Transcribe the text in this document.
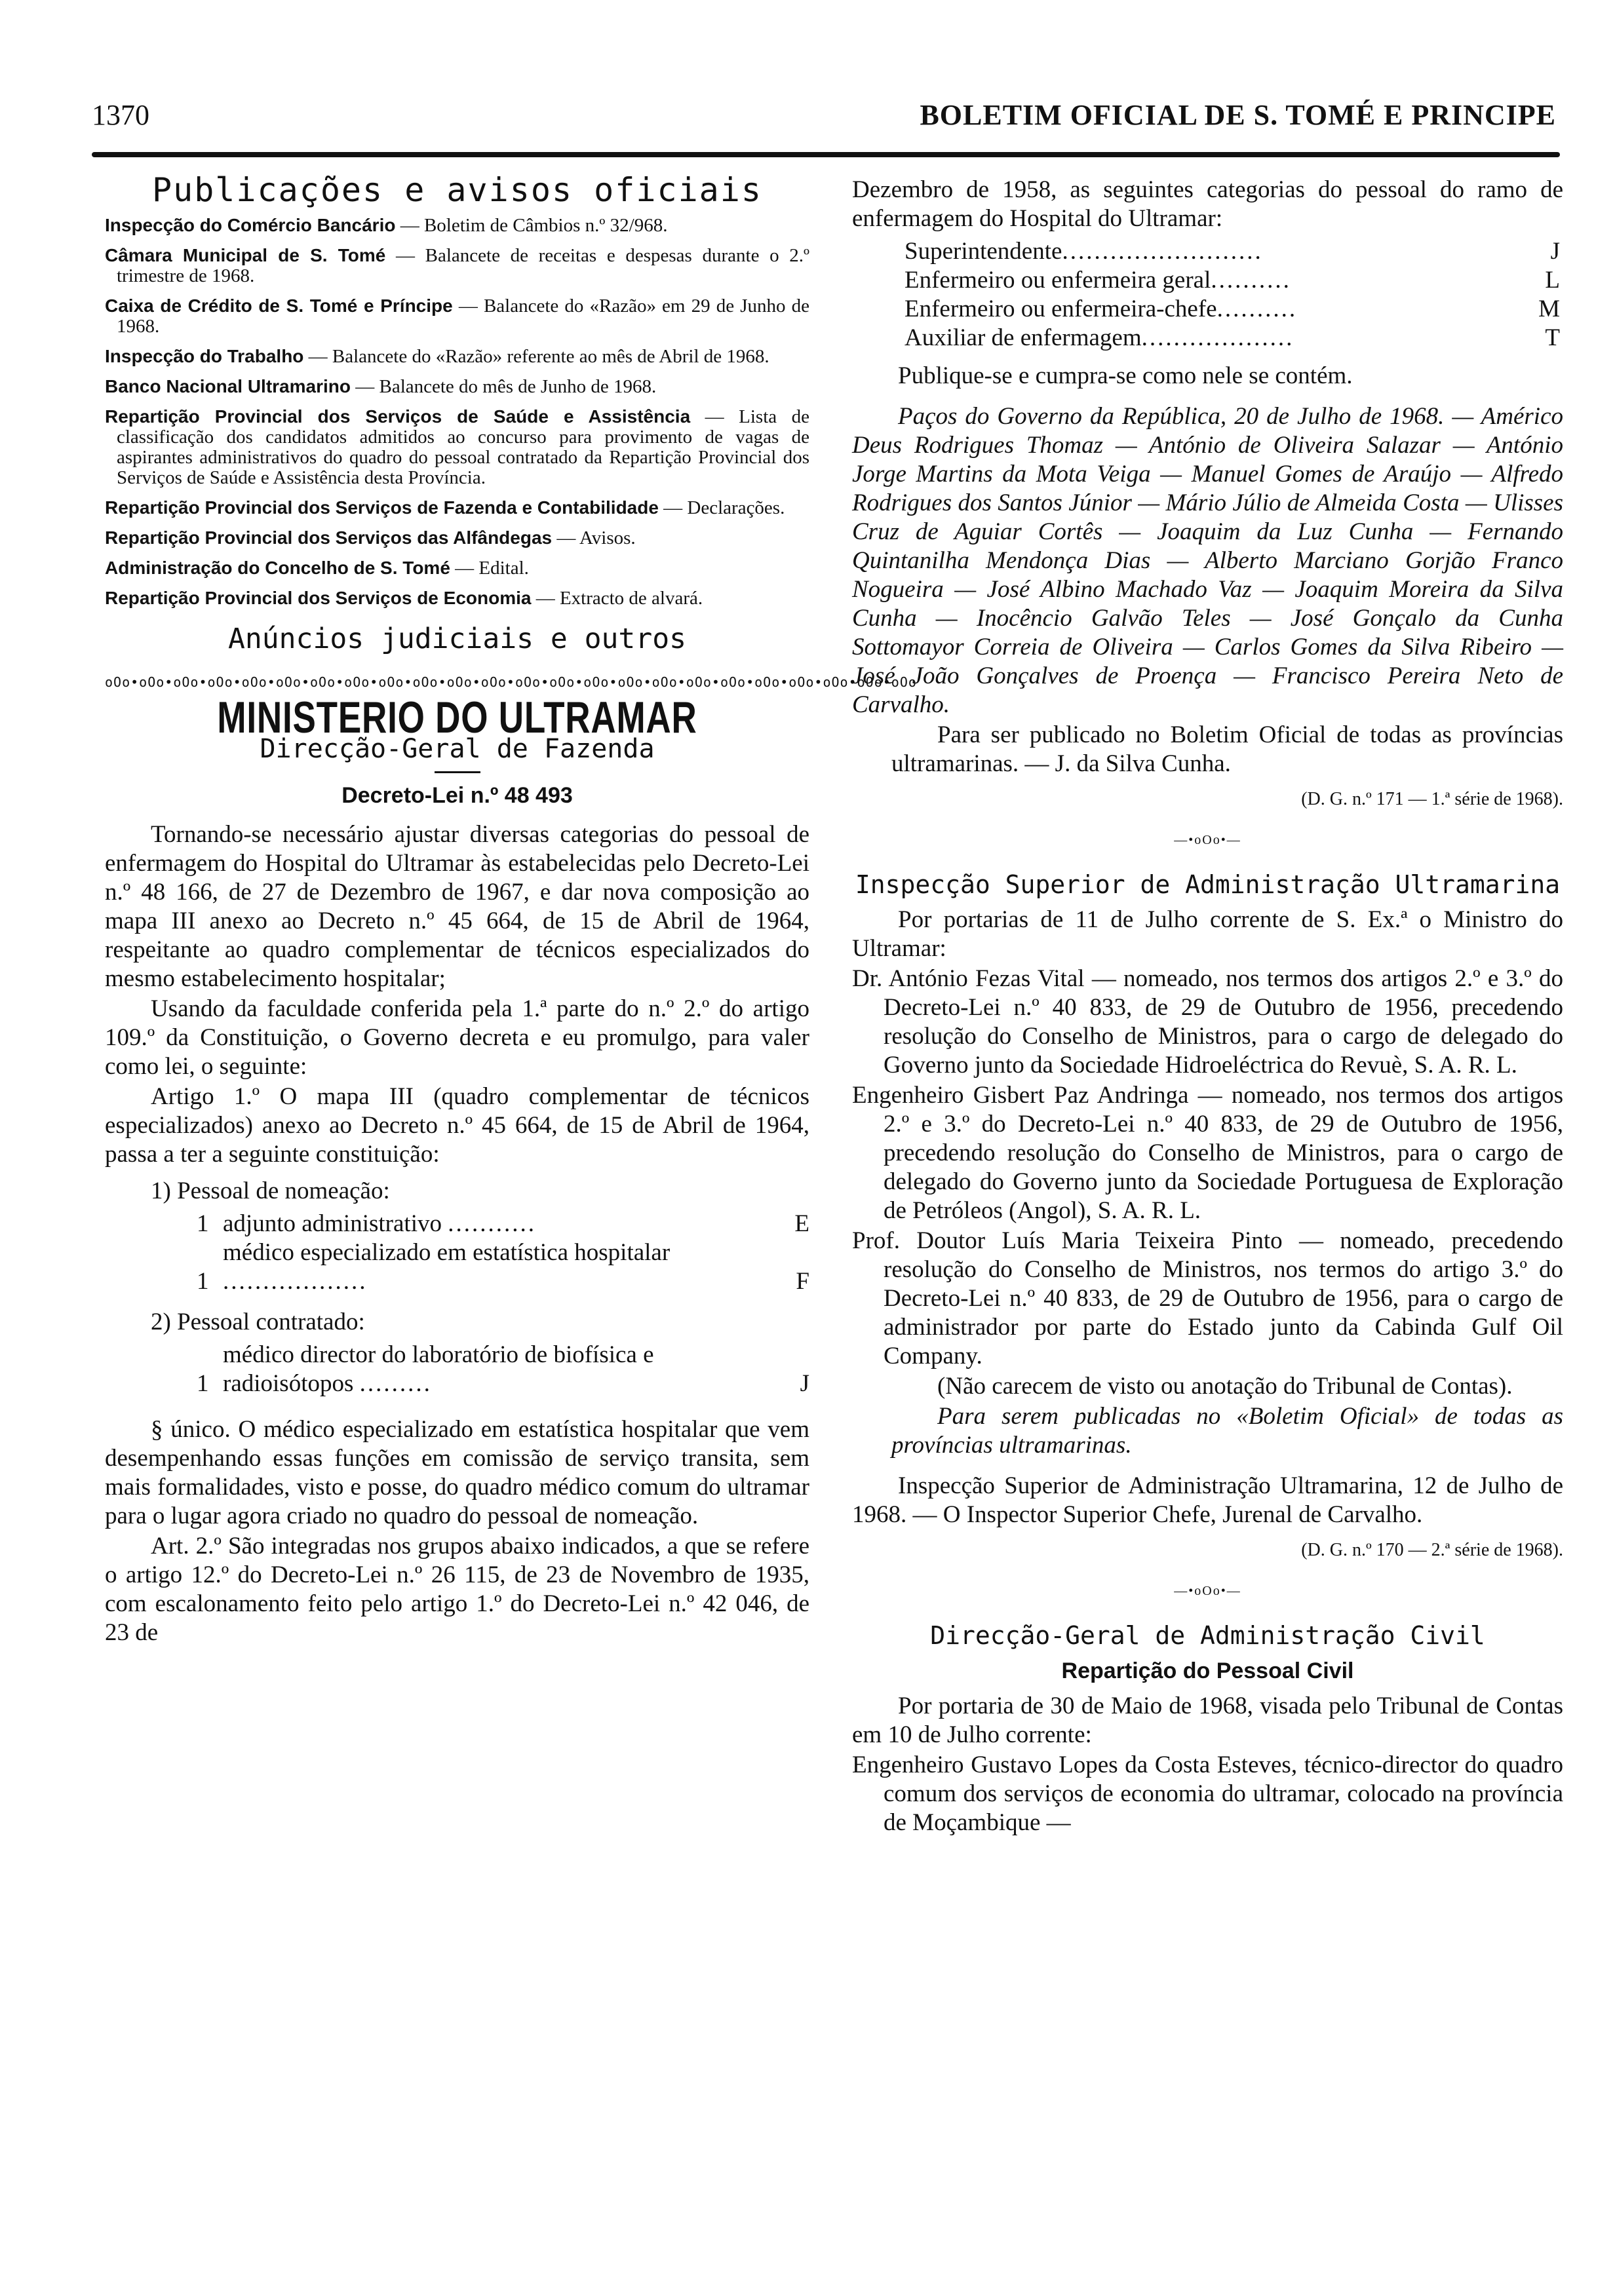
1370	BOLETIM OFICIAL DE S. TOMÉ E PRINCIPE
Publicações e avisos oficiais

Inspecção do Comércio Bancário — Boletim de Câmbios n.º 32/968.

Câmara Municipal de S. Tomé — Balancete de receitas e despesas durante o 2.º trimestre de 1968.

Caixa de Crédito de S. Tomé e Príncipe — Balancete do «Razão» em 29 de Junho de 1968.

Inspecção do Trabalho — Balancete do «Razão» referente ao mês de Abril de 1968.

Banco Nacional Ultramarino — Balancete do mês de Junho de 1968.

Repartição Provincial dos Serviços de Saúde e Assistência — Lista de classificação dos candidatos admitidos ao concurso para provimento de vagas de aspirantes administrativos do quadro do pessoal contratado da Repartição Provincial dos Serviços de Saúde e Assistência desta Província.

Repartição Provincial dos Serviços de Fazenda e Contabilidade — Declarações.

Repartição Provincial dos Serviços das Alfândegas — Avisos.

Administração do Concelho de S. Tomé — Edital.

Repartição Provincial dos Serviços de Economia — Extracto de alvará.

Anúncios judiciais e outros
oOo•oOo•oOo•oOo•oOo•oOo•oOo•oOo•oOo•oOo•oOo•oOo•oOo•oOo•oOo•oOo•oOo•oOo•oOo•oOo•oOo•oOo•oOo•oOo
MINISTERIO DO ULTRAMAR
Direcção-Geral de Fazenda
Decreto-Lei n.º 48 493

Tornando-se necessário ajustar diversas categorias do pessoal de enfermagem do Hospital do Ultramar às estabelecidas pelo Decreto-Lei n.º 48 166, de 27 de Dezembro de 1967, e dar nova composição ao mapa III anexo ao Decreto n.º 45 664, de 15 de Abril de 1964, respeitante ao quadro complementar de técnicos especializados do mesmo estabelecimento hospitalar;

Usando da faculdade conferida pela 1.ª parte do n.º 2.º do artigo 109.º da Constituição, o Governo decreta e eu promulgo, para valer como lei, o seguinte:

Artigo 1.º O mapa III (quadro complementar de técnicos especializados) anexo ao Decreto n.º 45 664, de 15 de Abril de 1964, passa a ter a seguinte constituição:

1) Pessoal de nomeação:
1 adjunto administrativo ...........	E
1
médico especializado em estatística hospitalar ..................	F
2) Pessoal contratado:
1
médico director do laboratório de biofísica e radioisótopos .........	J

§ único. O médico especializado em estatística hospitalar que vem desempenhando essas funções em comissão de serviço transita, sem mais formalidades, visto e posse, do quadro médico comum do ultramar para o lugar agora criado no quadro do pessoal de nomeação.

Art. 2.º São integradas nos grupos abaixo indicados, a que se refere o artigo 12.º do Decreto-Lei n.º 26 115, de 23 de Novembro de 1935, com escalonamento feito pelo artigo 1.º do Decreto-Lei n.º 42 046, de 23 de

Dezembro de 1958, as seguintes categorias do pessoal do ramo de enfermagem do Hospital do Ultramar:

Superintendente.........................	J
Enfermeiro ou enfermeira geral..........	L
Enfermeiro ou enfermeira-chefe..........	M
Auxiliar de enfermagem...................	T

Publique-se e cumpra-se como nele se contém.

Paços do Governo da República, 20 de Julho de 1968. — Américo Deus Rodrigues Thomaz — António de Oliveira Salazar — António Jorge Martins da Mota Veiga — Manuel Gomes de Araújo — Alfredo Rodrigues dos Santos Júnior — Mário Júlio de Almeida Costa — Ulisses Cruz de Aguiar Cortês — Joaquim da Luz Cunha — Fernando Quintanilha Mendonça Dias — Alberto Marciano Gorjão Franco Nogueira — José Albino Machado Vaz — Joaquim Moreira da Silva Cunha — Inocêncio Galvão Teles — José Gonçalo da Cunha Sottomayor Correia de Oliveira — Carlos Gomes da Silva Ribeiro — José João Gonçalves de Proença — Francisco Pereira Neto de Carvalho.

Para ser publicado no Boletim Oficial de todas as províncias ultramarinas. — J. da Silva Cunha.

(D. G. n.º 171 — 1.ª série de 1968).
—•oOo•—
Inspecção Superior de Administração Ultramarina

Por portarias de 11 de Julho corrente de S. Ex.ª o Ministro do Ultramar:

Dr. António Fezas Vital — nomeado, nos termos dos artigos 2.º e 3.º do Decreto-Lei n.º 40 833, de 29 de Outubro de 1956, precedendo resolução do Conselho de Ministros, para o cargo de delegado do Governo junto da Sociedade Hidroeléctrica do Revuè, S. A. R. L.

Engenheiro Gisbert Paz Andringa — nomeado, nos termos dos artigos 2.º e 3.º do Decreto-Lei n.º 40 833, de 29 de Outubro de 1956, precedendo resolução do Conselho de Ministros, para o cargo de delegado do Governo junto da Sociedade Portuguesa de Exploração de Petróleos (Angol), S. A. R. L.

Prof. Doutor Luís Maria Teixeira Pinto — nomeado, precedendo resolução do Conselho de Ministros, nos termos do artigo 3.º do Decreto-Lei n.º 40 833, de 29 de Outubro de 1956, para o cargo de administrador por parte do Estado junto da Cabinda Gulf Oil Company.

(Não carecem de visto ou anotação do Tribunal de Contas).

Para serem publicadas no «Boletim Oficial» de todas as províncias ultramarinas.

Inspecção Superior de Administração Ultramarina, 12 de Julho de 1968. — O Inspector Superior Chefe, Jurenal de Carvalho.

(D. G. n.º 170 — 2.ª série de 1968).
—•oOo•—
Direcção-Geral de Administração Civil
Repartição do Pessoal Civil

Por portaria de 30 de Maio de 1968, visada pelo Tribunal de Contas em 10 de Julho corrente:

Engenheiro Gustavo Lopes da Costa Esteves, técnico-director do quadro comum dos serviços de economia do ultramar, colocado na província de Moçambique —
